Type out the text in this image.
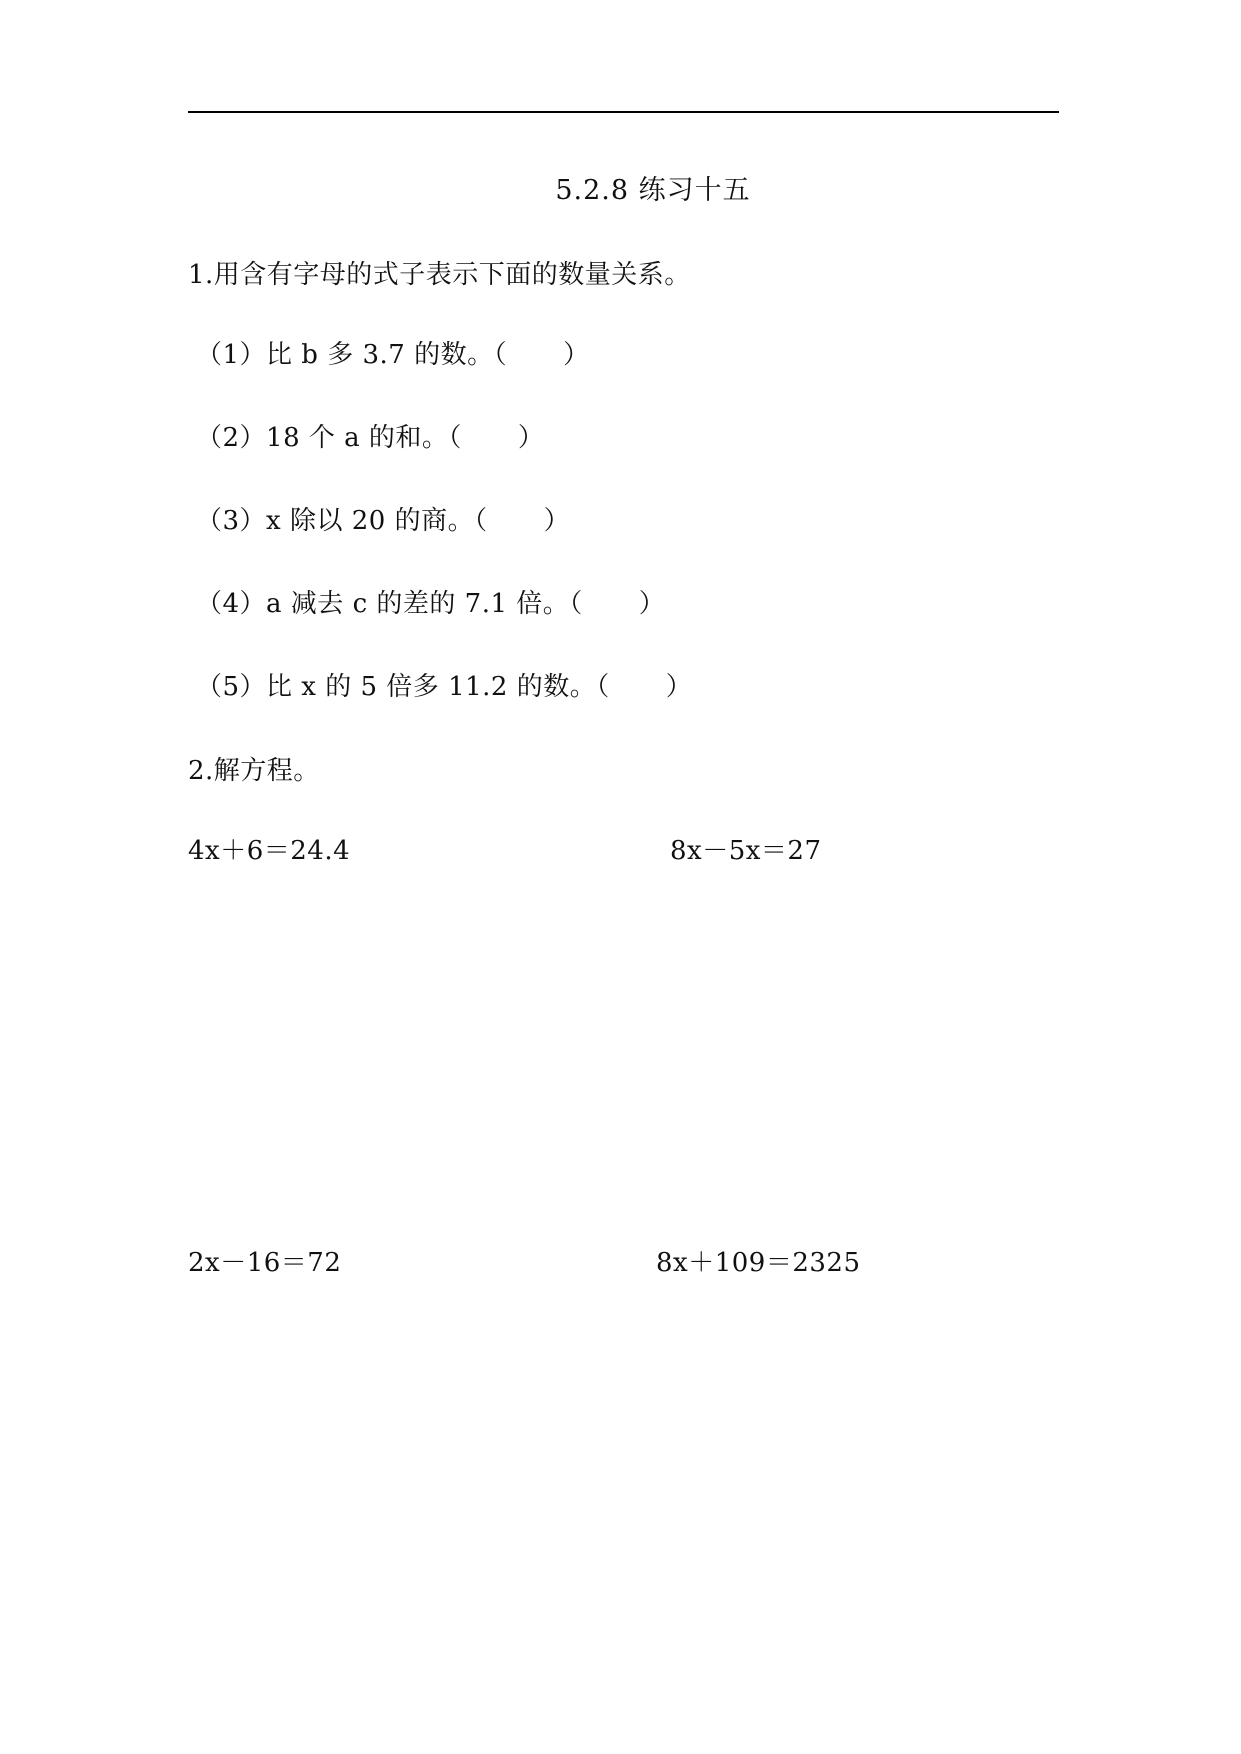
5.2.8 练习十五
1.用含有字母的式子表示下面的数量关系。
（1）比 b 多 3.7 的数。（ ）
（2）18 个 a 的和。（ ）
（3）x 除以 20 的商。（ ）
（4）a 减去 c 的差的 7.1 倍。（ ）
（5）比 x 的 5 倍多 11.2 的数。（ ）
2.解方程。
4x＋6＝24.4	8x－5x＝27
2x－16＝72	8x＋109＝2325
